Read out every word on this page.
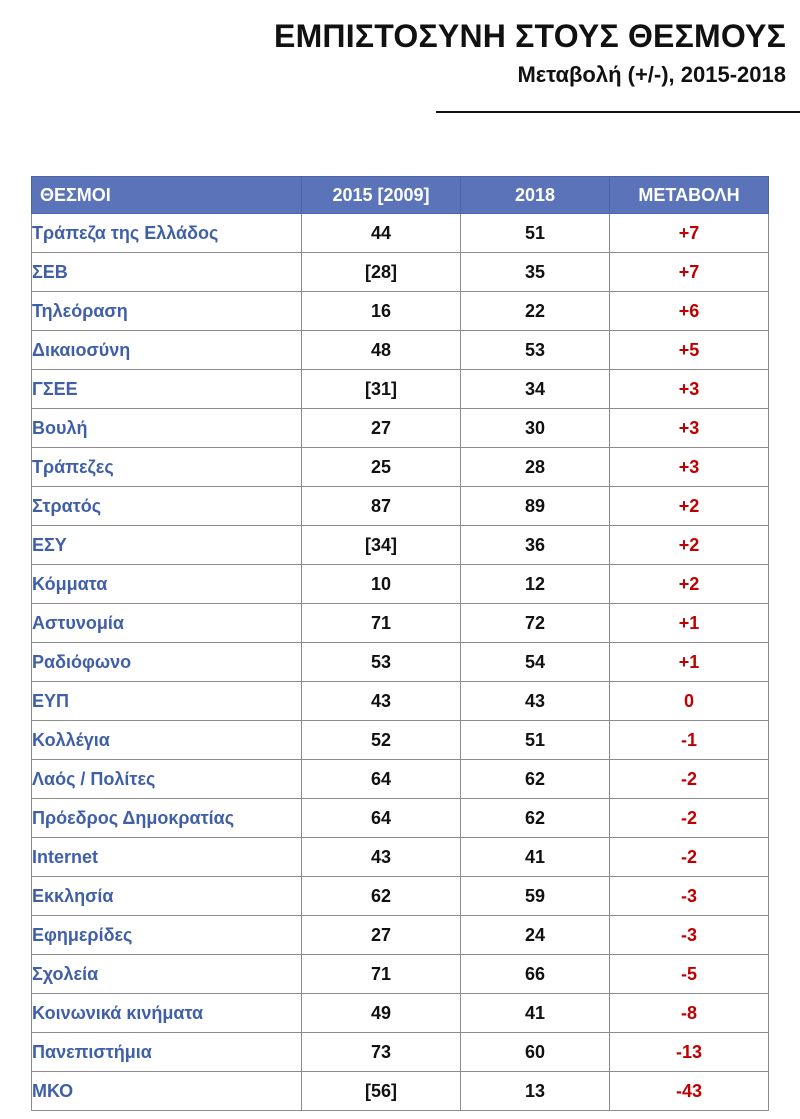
ΕΜΠΙΣΤΟΣΥΝΗ ΣΤΟΥΣ ΘΕΣΜΟΥΣ
Μεταβολή (+/-), 2015-2018
ΘΕΣΜΟΙ	2015 [2009]	2018	ΜΕΤΑΒΟΛΗ
Τράπεζα της Ελλάδος	44	51	+7
ΣΕΒ	[28]	35	+7
Τηλεόραση	16	22	+6
Δικαιοσύνη	48	53	+5
ΓΣΕΕ	[31]	34	+3
Βουλή	27	30	+3
Τράπεζες	25	28	+3
Στρατός	87	89	+2
ΕΣΥ	[34]	36	+2
Κόμματα	10	12	+2
Αστυνομία	71	72	+1
Ραδιόφωνο	53	54	+1
ΕΥΠ	43	43	0
Κολλέγια	52	51	-1
Λαός / Πολίτες	64	62	-2
Πρόεδρος Δημοκρατίας	64	62	-2
Internet	43	41	-2
Εκκλησία	62	59	-3
Εφημερίδες	27	24	-3
Σχολεία	71	66	-5
Κοινωνικά κινήματα	49	41	-8
Πανεπιστήμια	73	60	-13
ΜΚΟ	[56]	13	-43
